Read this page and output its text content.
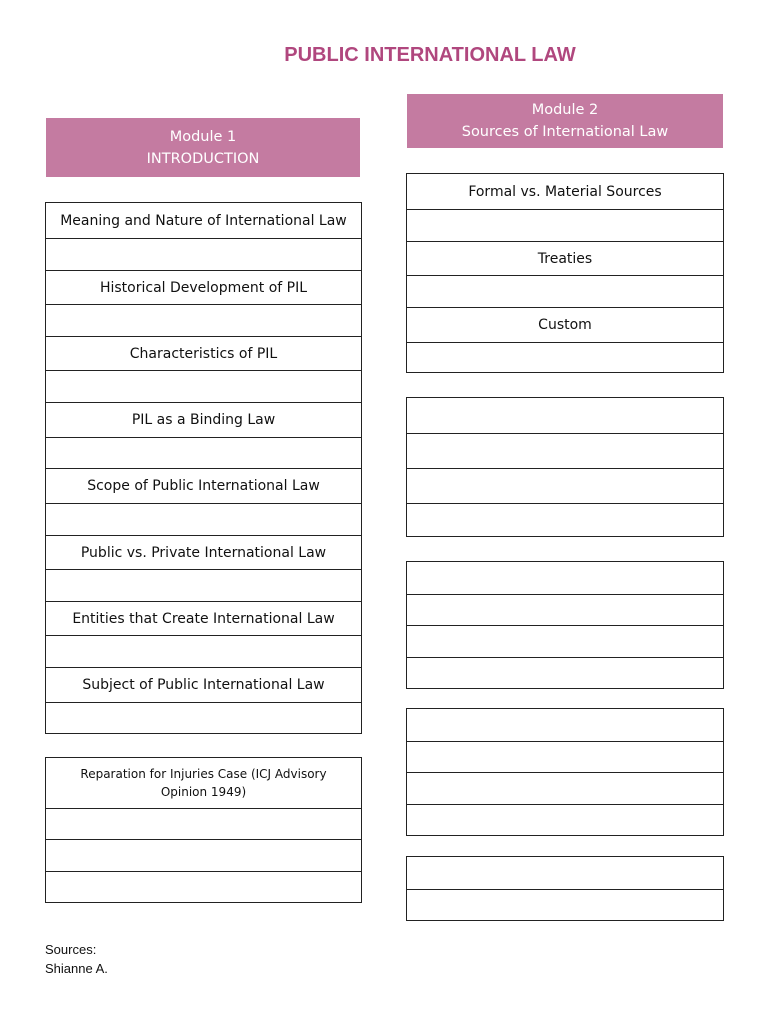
PUBLIC INTERNATIONAL LAW
Module 1
INTRODUCTION
Module 2
Sources of International Law
Meaning and Nature of International Law
Historical Development of PIL
Characteristics of PIL
PIL as a Binding Law
Scope of Public International Law
Public vs. Private International Law
Entities that Create International Law
Subject of Public International Law
Reparation for Injuries Case (ICJ Advisory Opinion 1949)
Formal vs. Material Sources
Treaties
Custom
Sources:
Shianne A.
